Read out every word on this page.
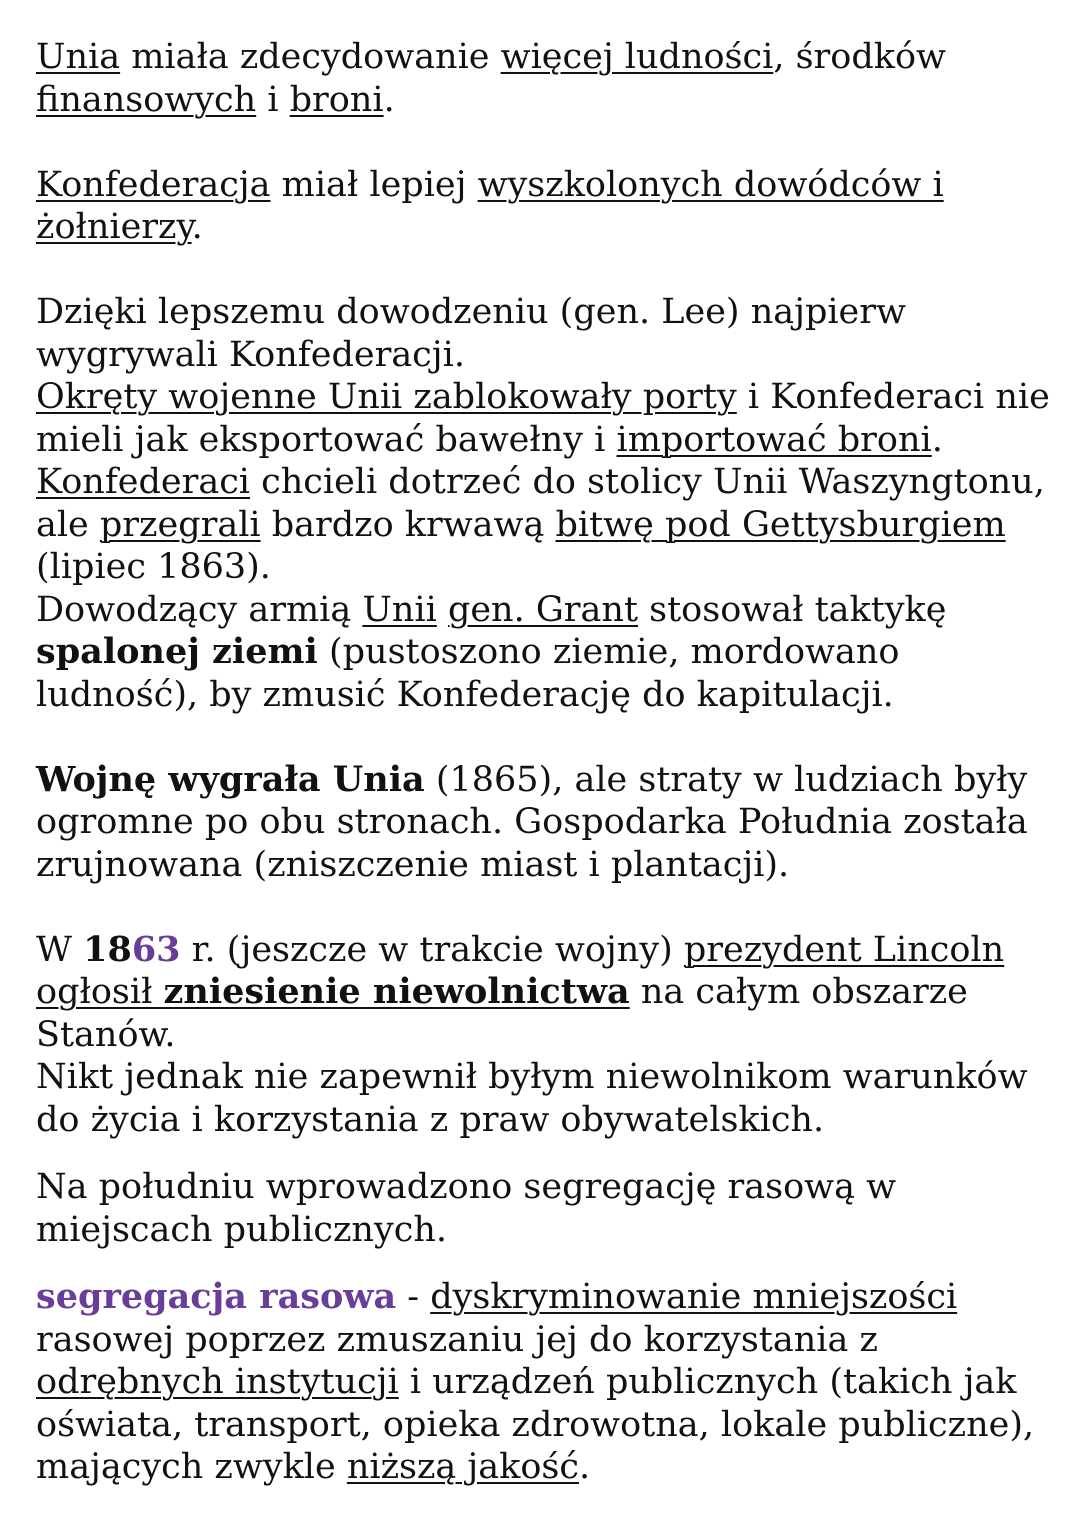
Unia miała zdecydowanie więcej ludności, środków
finansowych i broni.
Konfederacja miał lepiej wyszkolonych dowódców i
żołnierzy.
Dzięki lepszemu dowodzeniu (gen. Lee) najpierw
wygrywali Konfederacji.
Okręty wojenne Unii zablokowały porty i Konfederaci nie
mieli jak eksportować bawełny i importować broni.
Konfederaci chcieli dotrzeć do stolicy Unii Waszyngtonu,
ale przegrali bardzo krwawą bitwę pod Gettysburgiem
(lipiec 1863).
Dowodzący armią Unii gen. Grant stosował taktykę
spalonej ziemi (pustoszono ziemie, mordowano
ludność), by zmusić Konfederację do kapitulacji.
Wojnę wygrała Unia (1865), ale straty w ludziach były
ogromne po obu stronach. Gospodarka Południa została
zrujnowana (zniszczenie miast i plantacji).
W 1863 r. (jeszcze w trakcie wojny) prezydent Lincoln
ogłosił zniesienie niewolnictwa na całym obszarze
Stanów.
Nikt jednak nie zapewnił byłym niewolnikom warunków
do życia i korzystania z praw obywatelskich.
Na południu wprowadzono segregację rasową w
miejscach publicznych.
segregacja rasowa - dyskryminowanie mniejszości
rasowej poprzez zmuszaniu jej do korzystania z
odrębnych instytucji i urządzeń publicznych (takich jak
oświata, transport, opieka zdrowotna, lokale publiczne),
mających zwykle niższą jakość.
